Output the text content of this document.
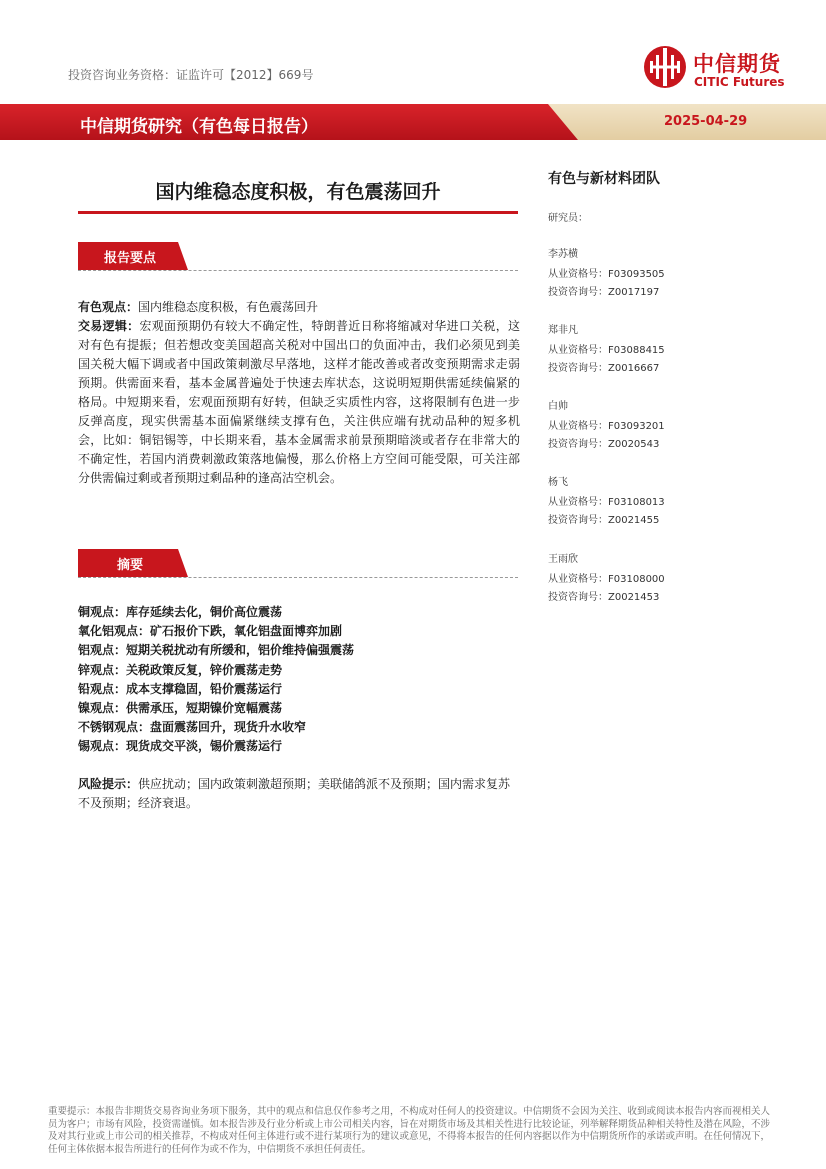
投资咨询业务资格：证监许可【2012】669号	中信期货
CITIC Futures
中信期货研究（有色每日报告）	2025-04-29
国内维稳态度积极，有色震荡回升
报告要点
有色观点：国内维稳态度积极，有色震荡回升
交易逻辑：宏观面预期仍有较大不确定性，特朗普近日称将缩减对华进口关税，这对有色有提振；但若想改变美国超高关税对中国出口的负面冲击，我们必须见到美国关税大幅下调或者中国政策刺激尽早落地，这样才能改善或者改变预期需求走弱预期。供需面来看，基本金属普遍处于快速去库状态，这说明短期供需延续偏紧的格局。中短期来看，宏观面预期有好转，但缺乏实质性内容，这将限制有色进一步反弹高度，现实供需基本面偏紧继续支撑有色，关注供应端有扰动品种的短多机会，比如：铜铝锡等，中长期来看，基本金属需求前景预期暗淡或者存在非常大的不确定性，若国内消费刺激政策落地偏慢，那么价格上方空间可能受限，可关注部分供需偏过剩或者预期过剩品种的逢高沽空机会。
摘要
铜观点：库存延续去化，铜价高位震荡
氧化铝观点：矿石报价下跌，氧化铝盘面博弈加剧
铝观点：短期关税扰动有所缓和，铝价维持偏强震荡
锌观点：关税政策反复，锌价震荡走势
铅观点：成本支撑稳固，铅价震荡运行
镍观点：供需承压，短期镍价宽幅震荡
不锈钢观点：盘面震荡回升，现货升水收窄
锡观点：现货成交平淡，锡价震荡运行
风险提示：供应扰动；国内政策刺激超预期；美联储鸽派不及预期；国内需求复苏不及预期；经济衰退。
有色与新材料团队
研究员：
李苏横
从业资格号：F03093505
投资咨询号：Z0017197
郑非凡
从业资格号：F03088415
投资咨询号：Z0016667
白帅
从业资格号：F03093201
投资咨询号：Z0020543
杨飞
从业资格号：F03108013
投资咨询号：Z0021455
王雨欣
从业资格号：F03108000
投资咨询号：Z0021453
重要提示：本报告非期货交易咨询业务项下服务，其中的观点和信息仅作参考之用，不构成对任何人的投资建议。中信期货不会因为关注、收到或阅读本报告内容而视相关人员为客户；市场有风险，投资需谨慎。如本报告涉及行业分析或上市公司相关内容，旨在对期货市场及其相关性进行比较论证，列举解释期货品种相关特性及潜在风险，不涉及对其行业或上市公司的相关推荐，不构成对任何主体进行或不进行某项行为的建议或意见，不得将本报告的任何内容据以作为中信期货所作的承诺或声明。在任何情况下，任何主体依据本报告所进行的任何作为或不作为，中信期货不承担任何责任。
